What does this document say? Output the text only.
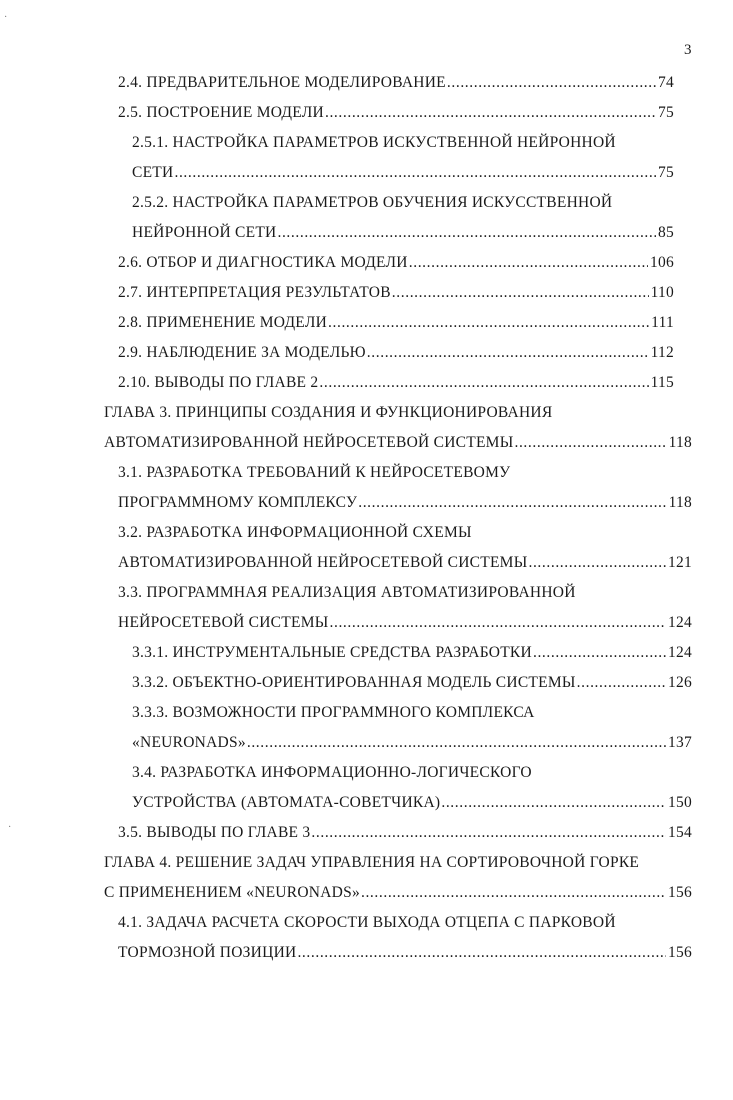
3
2.4. ПРЕДВАРИТЕЛЬНОЕ МОДЕЛИРОВАНИЕ .....	74
2.5. ПОСТРОЕНИЕ МОДЕЛИ .....	75
2.5.1. НАСТРОЙКА ПАРАМЕТРОВ ИСКУСТВЕННОЙ НЕЙРОННОЙ
СЕТИ .....	75
2.5.2. НАСТРОЙКА ПАРАМЕТРОВ ОБУЧЕНИЯ ИСКУССТВЕННОЙ
НЕЙРОННОЙ СЕТИ .....	85
2.6. ОТБОР И ДИАГНОСТИКА МОДЕЛИ .....	106
2.7. ИНТЕРПРЕТАЦИЯ РЕЗУЛЬТАТОВ .....	110
2.8. ПРИМЕНЕНИЕ МОДЕЛИ .....	111
2.9. НАБЛЮДЕНИЕ ЗА МОДЕЛЬЮ .....	112
2.10. ВЫВОДЫ ПО ГЛАВЕ 2 .....	115
ГЛАВА 3. ПРИНЦИПЫ СОЗДАНИЯ И ФУНКЦИОНИРОВАНИЯ
АВТОМАТИЗИРОВАННОЙ НЕЙРОСЕТЕВОЙ СИСТЕМЫ .....	118
3.1. РАЗРАБОТКА ТРЕБОВАНИЙ К НЕЙРОСЕТЕВОМУ
ПРОГРАММНОМУ КОМПЛЕКСУ .....	118
3.2. РАЗРАБОТКА ИНФОРМАЦИОННОЙ СХЕМЫ
АВТОМАТИЗИРОВАННОЙ НЕЙРОСЕТЕВОЙ СИСТЕМЫ .....	121
3.3. ПРОГРАММНАЯ РЕАЛИЗАЦИЯ АВТОМАТИЗИРОВАННОЙ
НЕЙРОСЕТЕВОЙ СИСТЕМЫ .....	124
3.3.1. ИНСТРУМЕНТАЛЬНЫЕ СРЕДСТВА РАЗРАБОТКИ .....	124
3.3.2. ОБЪЕКТНО-ОРИЕНТИРОВАННАЯ МОДЕЛЬ СИСТЕМЫ .....	126
3.3.3. ВОЗМОЖНОСТИ ПРОГРАММНОГО КОМПЛЕКСА
«NEURONADS» .....	137
3.4. РАЗРАБОТКА ИНФОРМАЦИОННО-ЛОГИЧЕСКОГО
УСТРОЙСТВА (АВТОМАТА-СОВЕТЧИКА) .....	150
3.5. ВЫВОДЫ ПО ГЛАВЕ 3 .....	154
ГЛАВА 4. РЕШЕНИЕ ЗАДАЧ УПРАВЛЕНИЯ НА СОРТИРОВОЧНОЙ ГОРКЕ
С ПРИМЕНЕНИЕМ «NEURONADS» .....	156
4.1. ЗАДАЧА РАСЧЕТА СКОРОСТИ ВЫХОДА ОТЦЕПА С ПАРКОВОЙ
ТОРМОЗНОЙ ПОЗИЦИИ .....	156
·
·
